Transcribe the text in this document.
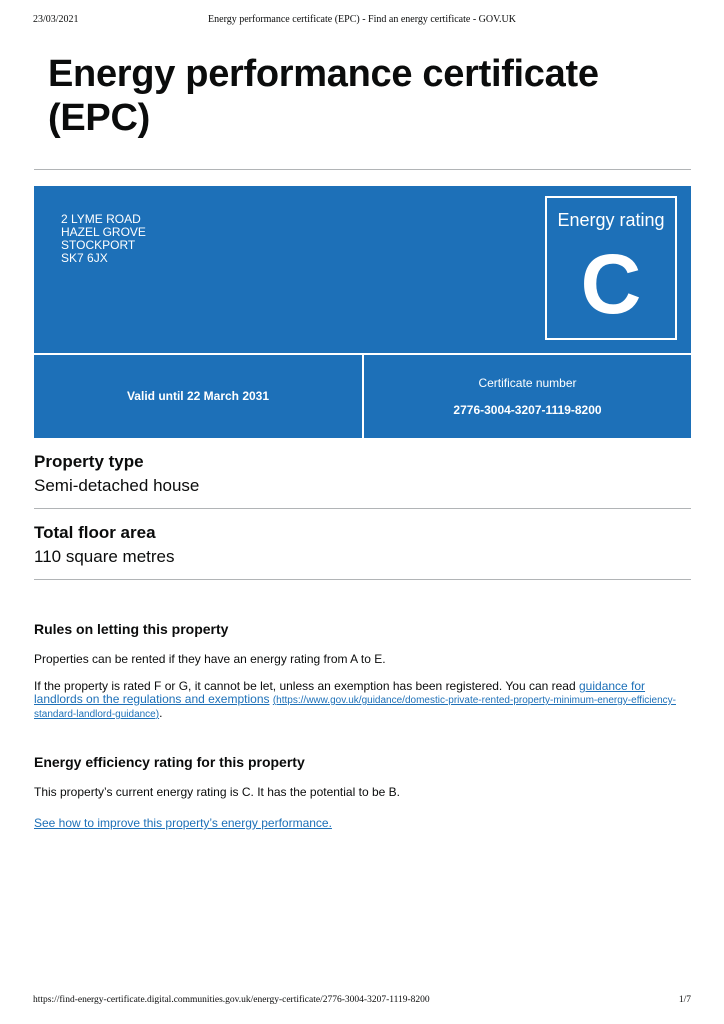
23/03/2021	Energy performance certificate (EPC) - Find an energy certificate - GOV.UK
Energy performance certificate (EPC)
2 LYME ROAD
HAZEL GROVE
STOCKPORT
SK7 6JX
Energy rating
C
Valid until 22 March 2031
Certificate number
2776-3004-3207-1119-8200
Property type
Semi-detached house
Total floor area
110 square metres
Rules on letting this property
Properties can be rented if they have an energy rating from A to E.
If the property is rated F or G, it cannot be let, unless an exemption has been registered. You can read guidance for landlords on the regulations and exemptions (https://www.gov.uk/guidance/domestic-private-rented-property-minimum-energy-efficiency-standard-landlord-guidance).
Energy efficiency rating for this property
This property’s current energy rating is C. It has the potential to be B.
See how to improve this property’s energy performance.
https://find-energy-certificate.digital.communities.gov.uk/energy-certificate/2776-3004-3207-1119-8200	1/7
